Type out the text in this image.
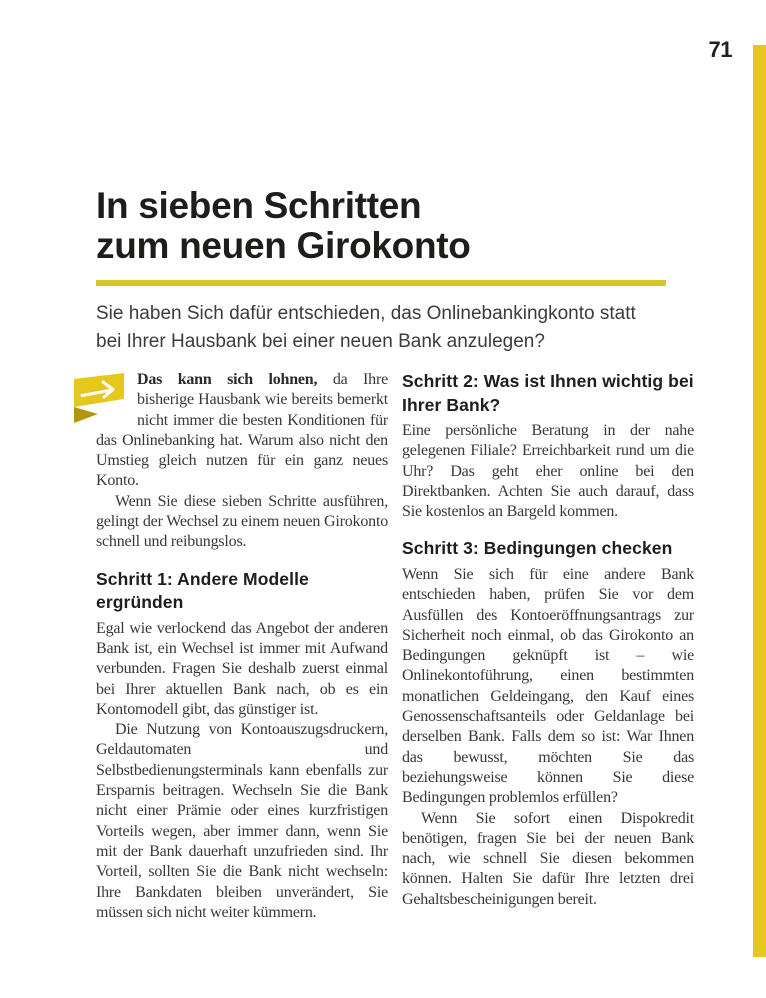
71
In sieben Schritten
zum neuen Girokonto

Sie haben Sich dafür entschieden, das Onlinebankingkonto statt bei Ihrer Hausbank bei einer neuen Bank anzulegen?

Das kann sich lohnen, da Ihre bisherige Hausbank wie bereits bemerkt nicht immer die besten Konditionen für das Onlinebanking hat. Warum also nicht den Umstieg gleich nutzen für ein ganz neues Konto.

Wenn Sie diese sieben Schritte ausführen, gelingt der Wechsel zu einem neuen Girokonto schnell und reibungslos.

Schritt 1: Andere Modelle ergründen

Egal wie verlockend das Angebot der anderen Bank ist, ein Wechsel ist immer mit Aufwand verbunden. Fragen Sie deshalb zuerst einmal bei Ihrer aktuellen Bank nach, ob es ein Kontomodell gibt, das günstiger ist.

Die Nutzung von Kontoauszugsdruckern, Geldautomaten und Selbstbedienungsterminals kann ebenfalls zur Ersparnis beitragen. Wechseln Sie die Bank nicht einer Prämie oder eines kurzfristigen Vorteils wegen, aber immer dann, wenn Sie mit der Bank dauerhaft unzufrieden sind. Ihr Vorteil, sollten Sie die Bank nicht wechseln: Ihre Bankdaten bleiben unverändert, Sie müssen sich nicht weiter kümmern.

Schritt 2: Was ist Ihnen wichtig bei Ihrer Bank?

Eine persönliche Beratung in der nahe gelegenen Filiale? Erreichbarkeit rund um die Uhr? Das geht eher online bei den Direktbanken. Achten Sie auch darauf, dass Sie kostenlos an Bargeld kommen.

Schritt 3: Bedingungen checken

Wenn Sie sich für eine andere Bank entschieden haben, prüfen Sie vor dem Ausfüllen des Kontoeröffnungsantrags zur Sicherheit noch einmal, ob das Girokonto an Bedingungen geknüpft ist – wie Onlinekontoführung, einen bestimmten monatlichen Geldeingang, den Kauf eines Genossenschaftsanteils oder Geldanlage bei derselben Bank. Falls dem so ist: War Ihnen das bewusst, möchten Sie das beziehungsweise können Sie diese Bedingungen problemlos erfüllen?

Wenn Sie sofort einen Dispokredit benötigen, fragen Sie bei der neuen Bank nach, wie schnell Sie diesen bekommen können. Halten Sie dafür Ihre letzten drei Gehaltsbescheinigungen bereit.
